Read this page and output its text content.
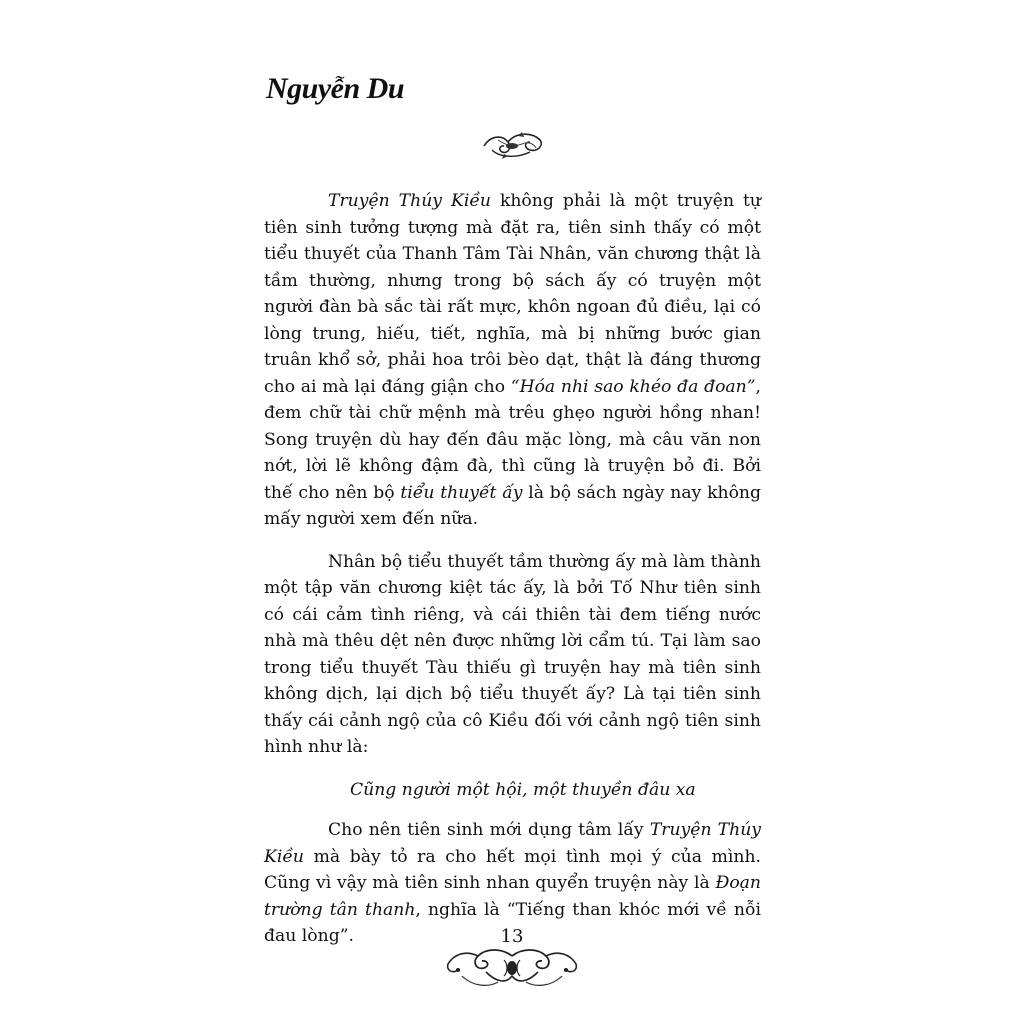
Nguyễn Du

Truyện Thúy Kiều không phải là một truyện tự tiên sinh tưởng tượng mà đặt ra, tiên sinh thấy có một tiểu thuyết của Thanh Tâm Tài Nhân, văn chương thật là tầm thường, nhưng trong bộ sách ấy có truyện một người đàn bà sắc tài rất mực, khôn ngoan đủ điều, lại có lòng trung, hiếu, tiết, nghĩa, mà bị những bước gian truân khổ sở, phải hoa trôi bèo dạt, thật là đáng thương cho ai mà lại đáng giận cho “Hóa nhi sao khéo đa đoan”, đem chữ tài chữ mệnh mà trêu ghẹo người hồng nhan! Song truyện dù hay đến đâu mặc lòng, mà câu văn non nớt, lời lẽ không đậm đà, thì cũng là truyện bỏ đi. Bởi thế cho nên bộ tiểu thuyết ấy là bộ sách ngày nay không mấy người xem đến nữa.

Nhân bộ tiểu thuyết tầm thường ấy mà làm thành một tập văn chương kiệt tác ấy, là bởi Tố Như tiên sinh có cái cảm tình riêng, và cái thiên tài đem tiếng nước nhà mà thêu dệt nên được những lời cẩm tú. Tại làm sao trong tiểu thuyết Tàu thiếu gì truyện hay mà tiên sinh không dịch, lại dịch bộ tiểu thuyết ấy? Là tại tiên sinh thấy cái cảnh ngộ của cô Kiều đối với cảnh ngộ tiên sinh hình như là:

Cũng người một hội, một thuyền đâu xa

Cho nên tiên sinh mới dụng tâm lấy Truyện Thúy Kiều mà bày tỏ ra cho hết mọi tình mọi ý của mình. Cũng vì vậy mà tiên sinh nhan quyển truyện này là Đoạn trường tân thanh, nghĩa là “Tiếng than khóc mới về nỗi đau lòng”.	13
